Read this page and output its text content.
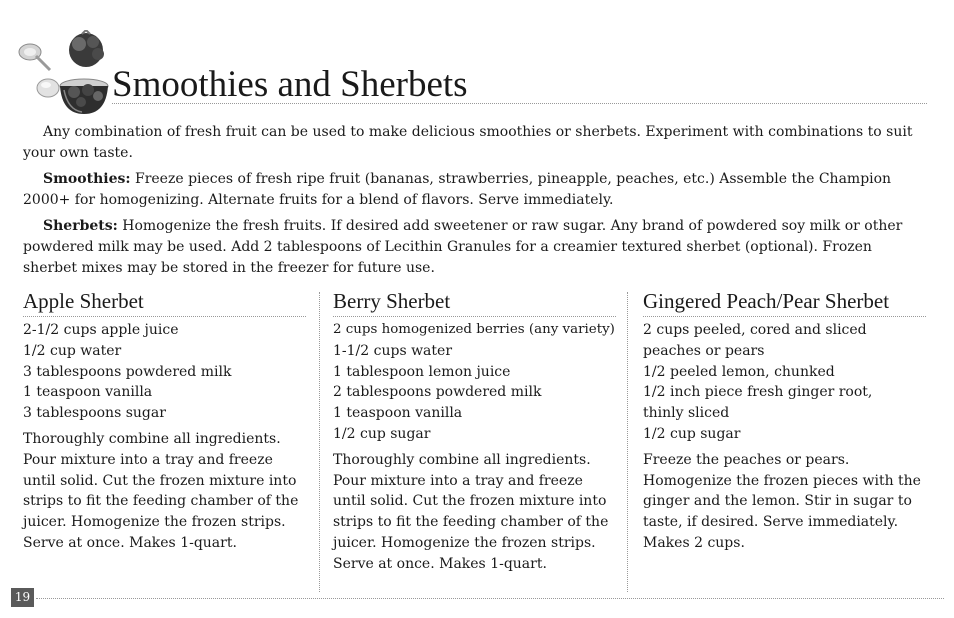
Smoothies and Sherbets

Any combination of fresh fruit can be used to make delicious smoothies or sherbets. Experiment with combinations to suit your own taste.

Smoothies: Freeze pieces of fresh ripe fruit (bananas, strawberries, pineapple, peaches, etc.) Assemble the Champion 2000+ for homogenizing. Alternate fruits for a blend of flavors. Serve immediately.

Sherbets: Homogenize the fresh fruits. If desired add sweetener or raw sugar. Any brand of powdered soy milk or other powdered milk may be used. Add 2 tablespoons of Lecithin Granules for a creamier textured sherbet (optional). Frozen sherbet mixes may be stored in the freezer for future use.

Apple Sherbet
2-1/2 cups apple juice
1/2 cup water
3 tablespoons powdered milk
1 teaspoon vanilla
3 tablespoons sugar

Thoroughly combine all ingredients. Pour mixture into a tray and freeze until solid. Cut the frozen mixture into strips to fit the feeding chamber of the juicer. Homogenize the frozen strips. Serve at once. Makes 1-quart.

Berry Sherbet
2 cups homogenized berries (any variety)
1-1/2 cups water
1 tablespoon lemon juice
2 tablespoons powdered milk
1 teaspoon vanilla
1/2 cup sugar

Thoroughly combine all ingredients. Pour mixture into a tray and freeze until solid. Cut the frozen mixture into strips to fit the feeding chamber of the juicer. Homogenize the frozen strips. Serve at once. Makes 1-quart.

Gingered Peach/Pear Sherbet
2 cups peeled, cored and sliced peaches or pears
1/2 peeled lemon, chunked
1/2 inch piece fresh ginger root, thinly sliced
1/2 cup sugar

Freeze the peaches or pears. Homogenize the frozen pieces with the ginger and the lemon. Stir in sugar to taste, if desired. Serve immediately. Makes 2 cups.

19
